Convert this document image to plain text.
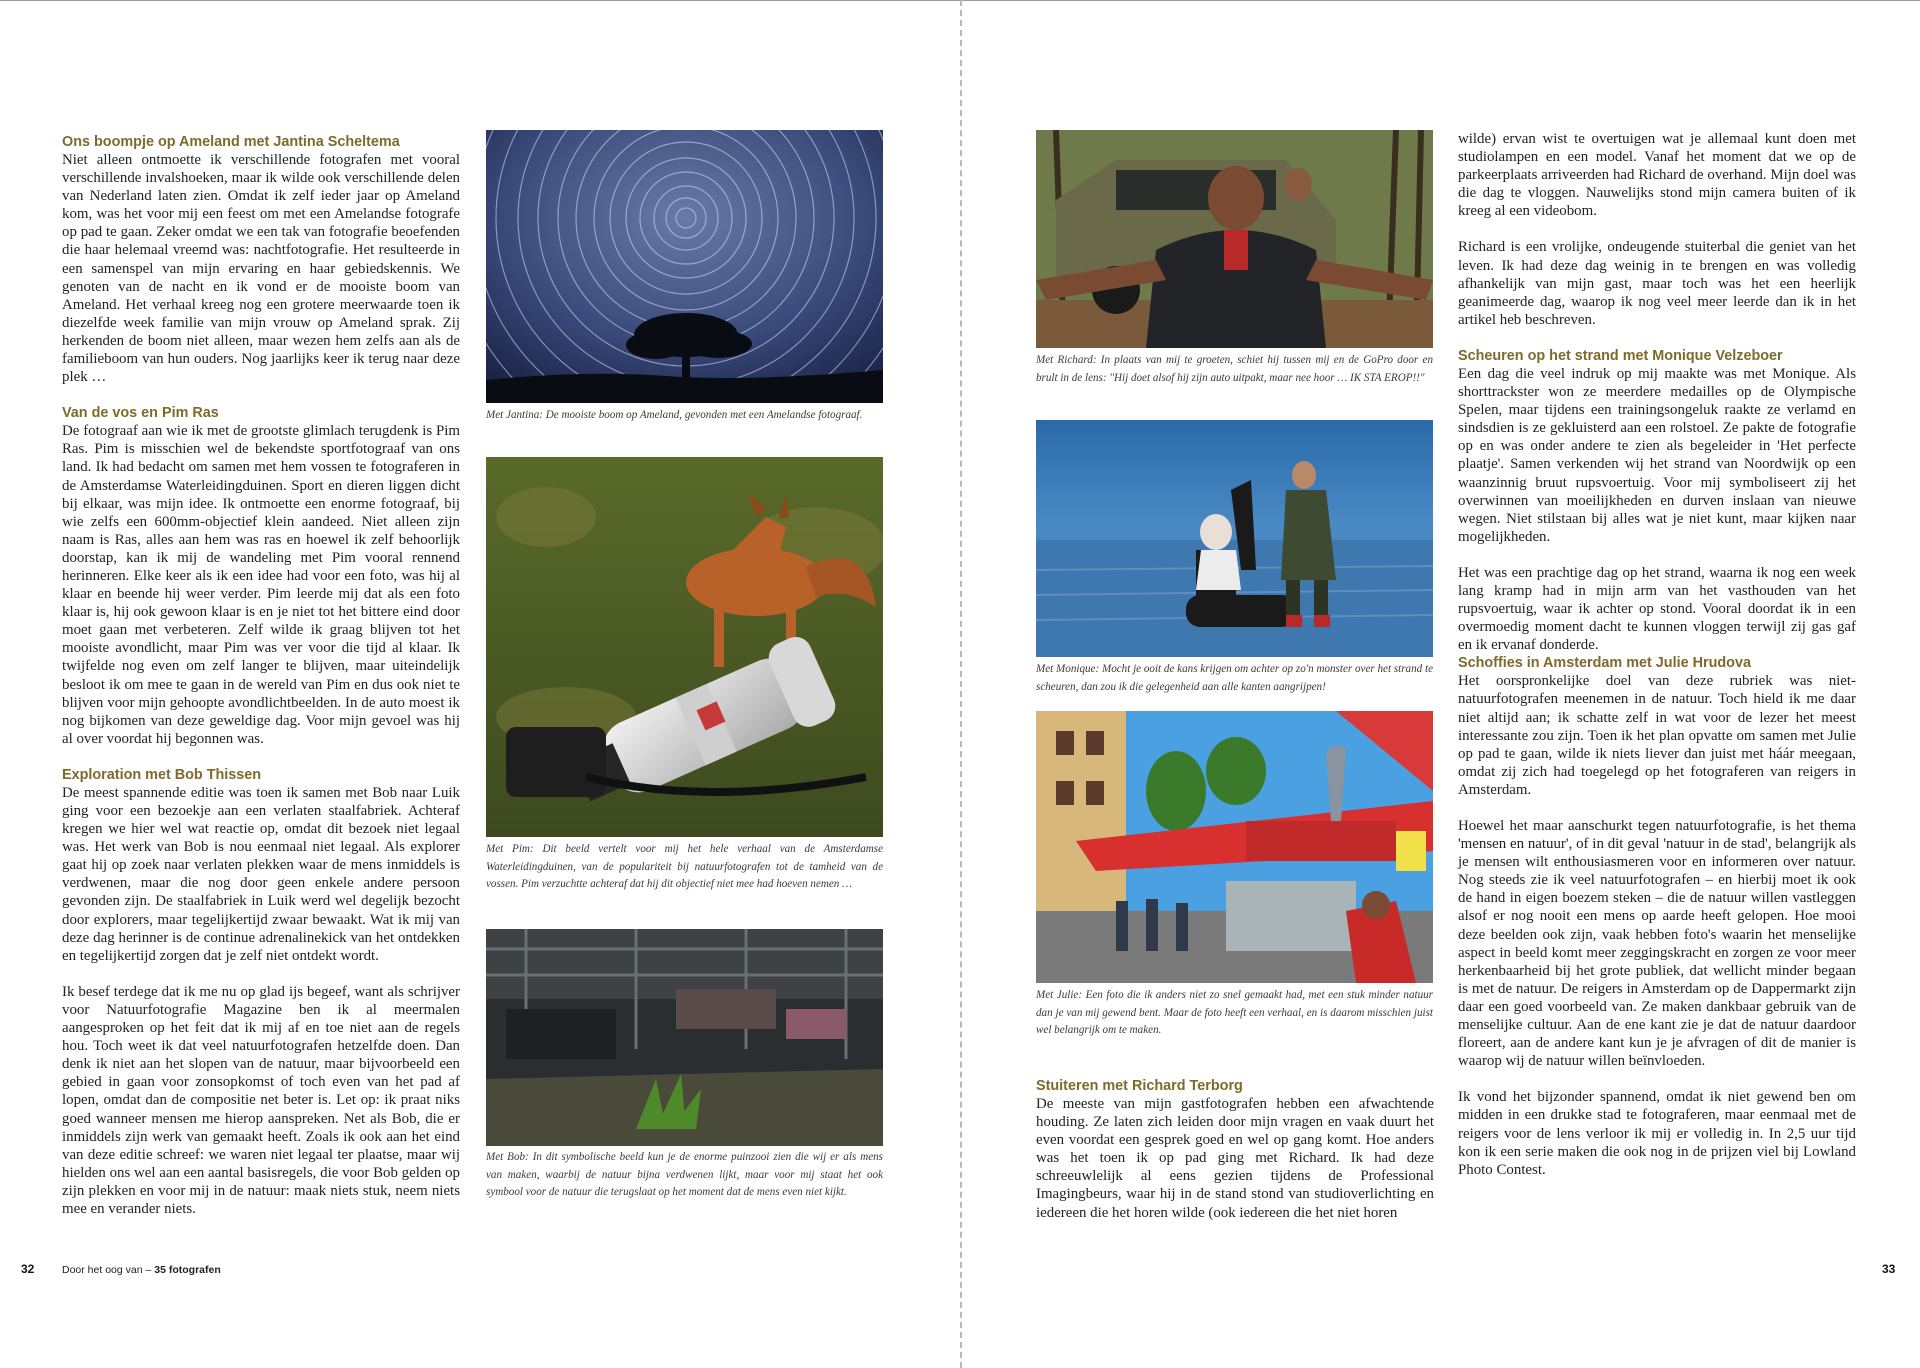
Ons boompje op Ameland met Jantina Scheltema

Niet alleen ontmoette ik verschillende fotografen met vooral verschillende invalshoeken, maar ik wilde ook verschillende delen van Nederland laten zien. Omdat ik zelf ieder jaar op Ameland kom, was het voor mij een feest om met een Amelandse fotografe op pad te gaan. Zeker omdat we een tak van fotografie beoefenden die haar helemaal vreemd was: nachtfotografie. Het resulteerde in een samenspel van mijn ervaring en haar gebiedskennis. We genoten van de nacht en ik vond er de mooiste boom van Ameland. Het verhaal kreeg nog een grotere meerwaarde toen ik diezelfde week familie van mijn vrouw op Ameland sprak. Zij herkenden de boom niet alleen, maar wezen hem zelfs aan als de familieboom van hun ouders. Nog jaarlijks keer ik terug naar deze plek …

Van de vos en Pim Ras

De fotograaf aan wie ik met de grootste glimlach terugdenk is Pim Ras. Pim is misschien wel de bekendste sportfotograaf van ons land. Ik had bedacht om samen met hem vossen te fotograferen in de Amsterdamse Waterleidingduinen. Sport en dieren liggen dicht bij elkaar, was mijn idee. Ik ontmoette een enorme fotograaf, bij wie zelfs een 600mm-objectief klein aandeed. Niet alleen zijn naam is Ras, alles aan hem was ras en hoewel ik zelf behoorlijk doorstap, kan ik mij de wandeling met Pim vooral rennend herinneren. Elke keer als ik een idee had voor een foto, was hij al klaar en beende hij weer verder. Pim leerde mij dat als een foto klaar is, hij ook gewoon klaar is en je niet tot het bittere eind door moet gaan met verbeteren. Zelf wilde ik graag blijven tot het mooiste avondlicht, maar Pim was ver voor die tijd al klaar. Ik twijfelde nog even om zelf langer te blijven, maar uiteindelijk besloot ik om mee te gaan in de wereld van Pim en dus ook niet te blijven voor mijn gehoopte avondlichtbeelden. In de auto moest ik nog bijkomen van deze geweldige dag. Voor mijn gevoel was hij al over voordat hij begonnen was.

Exploration met Bob Thissen

De meest spannende editie was toen ik samen met Bob naar Luik ging voor een bezoekje aan een verlaten staalfabriek. Achteraf kregen we hier wel wat reactie op, omdat dit bezoek niet legaal was. Het werk van Bob is nou eenmaal niet legaal. Als explorer gaat hij op zoek naar verlaten plekken waar de mens inmiddels is verdwenen, maar die nog door geen enkele andere persoon gevonden zijn. De staalfabriek in Luik werd wel degelijk bezocht door explorers, maar tegelijkertijd zwaar bewaakt. Wat ik mij van deze dag herinner is de continue adrenalinekick van het ontdekken en tegelijkertijd zorgen dat je zelf niet ontdekt wordt.

Ik besef terdege dat ik me nu op glad ijs begeef, want als schrijver voor Natuurfotografie Magazine ben ik al meermalen aangesproken op het feit dat ik mij af en toe niet aan de regels hou. Toch weet ik dat veel natuurfotografen hetzelfde doen. Dan denk ik niet aan het slopen van de natuur, maar bijvoorbeeld een gebied in gaan voor zonsopkomst of toch even van het pad af lopen, omdat dan de compositie net beter is. Let op: ik praat niks goed wanneer mensen me hierop aanspreken. Net als Bob, die er inmiddels zijn werk van gemaakt heeft. Zoals ik ook aan het eind van deze editie schreef: we waren niet legaal ter plaatse, maar wij hielden ons wel aan een aantal basisregels, die voor Bob gelden op zijn plekken en voor mij in de natuur: maak niets stuk, neem niets mee en verander niets.

Met Jantina: De mooiste boom op Ameland, gevonden met een Amelandse fotograaf.
Met Pim: Dit beeld vertelt voor mij het hele verhaal van de Amsterdamse Waterleidingduinen, van de populariteit bij natuurfotografen tot de tamheid van de vossen. Pim verzuchtte achteraf dat hij dit objectief niet mee had hoeven nemen …
Met Bob: In dit symbolische beeld kun je de enorme puinzooi zien die wij er als mens van maken, waarbij de natuur bijna verdwenen lijkt, maar voor mij staat het ook symbool voor de natuur die terugslaat op het moment dat de mens even niet kijkt.
32	Door het oog van – 35 fotografen
Met Richard: In plaats van mij te groeten, schiet hij tussen mij en de GoPro door en brult in de lens: "Hij doet alsof hij zijn auto uitpakt, maar nee hoor … IK STA EROP!!"
Met Monique: Mocht je ooit de kans krijgen om achter op zo'n monster over het strand te scheuren, dan zou ik die gelegenheid aan alle kanten aangrijpen!
Met Julie: Een foto die ik anders niet zo snel gemaakt had, met een stuk minder natuur dan je van mij gewend bent. Maar de foto heeft een verhaal, en is daarom misschien juist wel belangrijk om te maken.
Stuiteren met Richard Terborg

De meeste van mijn gastfotografen hebben een afwachtende houding. Ze laten zich leiden door mijn vragen en vaak duurt het even voordat een gesprek goed en wel op gang komt. Hoe anders was het toen ik op pad ging met Richard. Ik had deze schreeuwlelijk al eens gezien tijdens de Professional Imagingbeurs, waar hij in de stand stond van studioverlichting en iedereen die het horen wilde (ook iedereen die het niet horen

wilde) ervan wist te overtuigen wat je allemaal kunt doen met studiolampen en een model. Vanaf het moment dat we op de parkeerplaats arriveerden had Richard de overhand. Mijn doel was die dag te vloggen. Nauwelijks stond mijn camera buiten of ik kreeg al een videobom.

Richard is een vrolijke, ondeugende stuiterbal die geniet van het leven. Ik had deze dag weinig in te brengen en was volledig afhankelijk van mijn gast, maar toch was het een heerlijk geanimeerde dag, waarop ik nog veel meer leerde dan ik in het artikel heb beschreven.

Scheuren op het strand met Monique Velzeboer

Een dag die veel indruk op mij maakte was met Monique. Als shorttrackster won ze meerdere medailles op de Olympische Spelen, maar tijdens een trainingsongeluk raakte ze verlamd en sindsdien is ze gekluisterd aan een rolstoel. Ze pakte de fotografie op en was onder andere te zien als begeleider in 'Het perfecte plaatje'. Samen verkenden wij het strand van Noordwijk op een waanzinnig bruut rupsvoertuig. Voor mij symboliseert zij het overwinnen van moeilijkheden en durven inslaan van nieuwe wegen. Niet stilstaan bij alles wat je niet kunt, maar kijken naar mogelijkheden.

Het was een prachtige dag op het strand, waarna ik nog een week lang kramp had in mijn arm van het vasthouden van het rupsvoertuig, waar ik achter op stond. Vooral doordat ik in een overmoedig moment dacht te kunnen vloggen terwijl zij gas gaf en ik ervanaf donderde.

Schoffies in Amsterdam met Julie Hrudova

Het oorspronkelijke doel van deze rubriek was niet-natuurfotografen meenemen in de natuur. Toch hield ik me daar niet altijd aan; ik schatte zelf in wat voor de lezer het meest interessante zou zijn. Toen ik het plan opvatte om samen met Julie op pad te gaan, wilde ik niets liever dan juist met háár meegaan, omdat zij zich had toegelegd op het fotograferen van reigers in Amsterdam.

Hoewel het maar aanschurkt tegen natuurfotografie, is het thema 'mensen en natuur', of in dit geval 'natuur in de stad', belangrijk als je mensen wilt enthousiasmeren voor en informeren over natuur. Nog steeds zie ik veel natuurfotografen – en hierbij moet ik ook de hand in eigen boezem steken – die de natuur willen vastleggen alsof er nog nooit een mens op aarde heeft gelopen. Hoe mooi deze beelden ook zijn, vaak hebben foto's waarin het menselijke aspect in beeld komt meer zeggingskracht en zorgen ze voor meer herkenbaarheid bij het grote publiek, dat wellicht minder begaan is met de natuur. De reigers in Amsterdam op de Dappermarkt zijn daar een goed voorbeeld van. Ze maken dankbaar gebruik van de menselijke cultuur. Aan de ene kant zie je dat de natuur daardoor floreert, aan de andere kant kun je je afvragen of dit de manier is waarop wij de natuur willen beïnvloeden.

Ik vond het bijzonder spannend, omdat ik niet gewend ben om midden in een drukke stad te fotograferen, maar eenmaal met de reigers voor de lens verloor ik mij er volledig in. In 2,5 uur tijd kon ik een serie maken die ook nog in de prijzen viel bij Lowland Photo Contest.

33
